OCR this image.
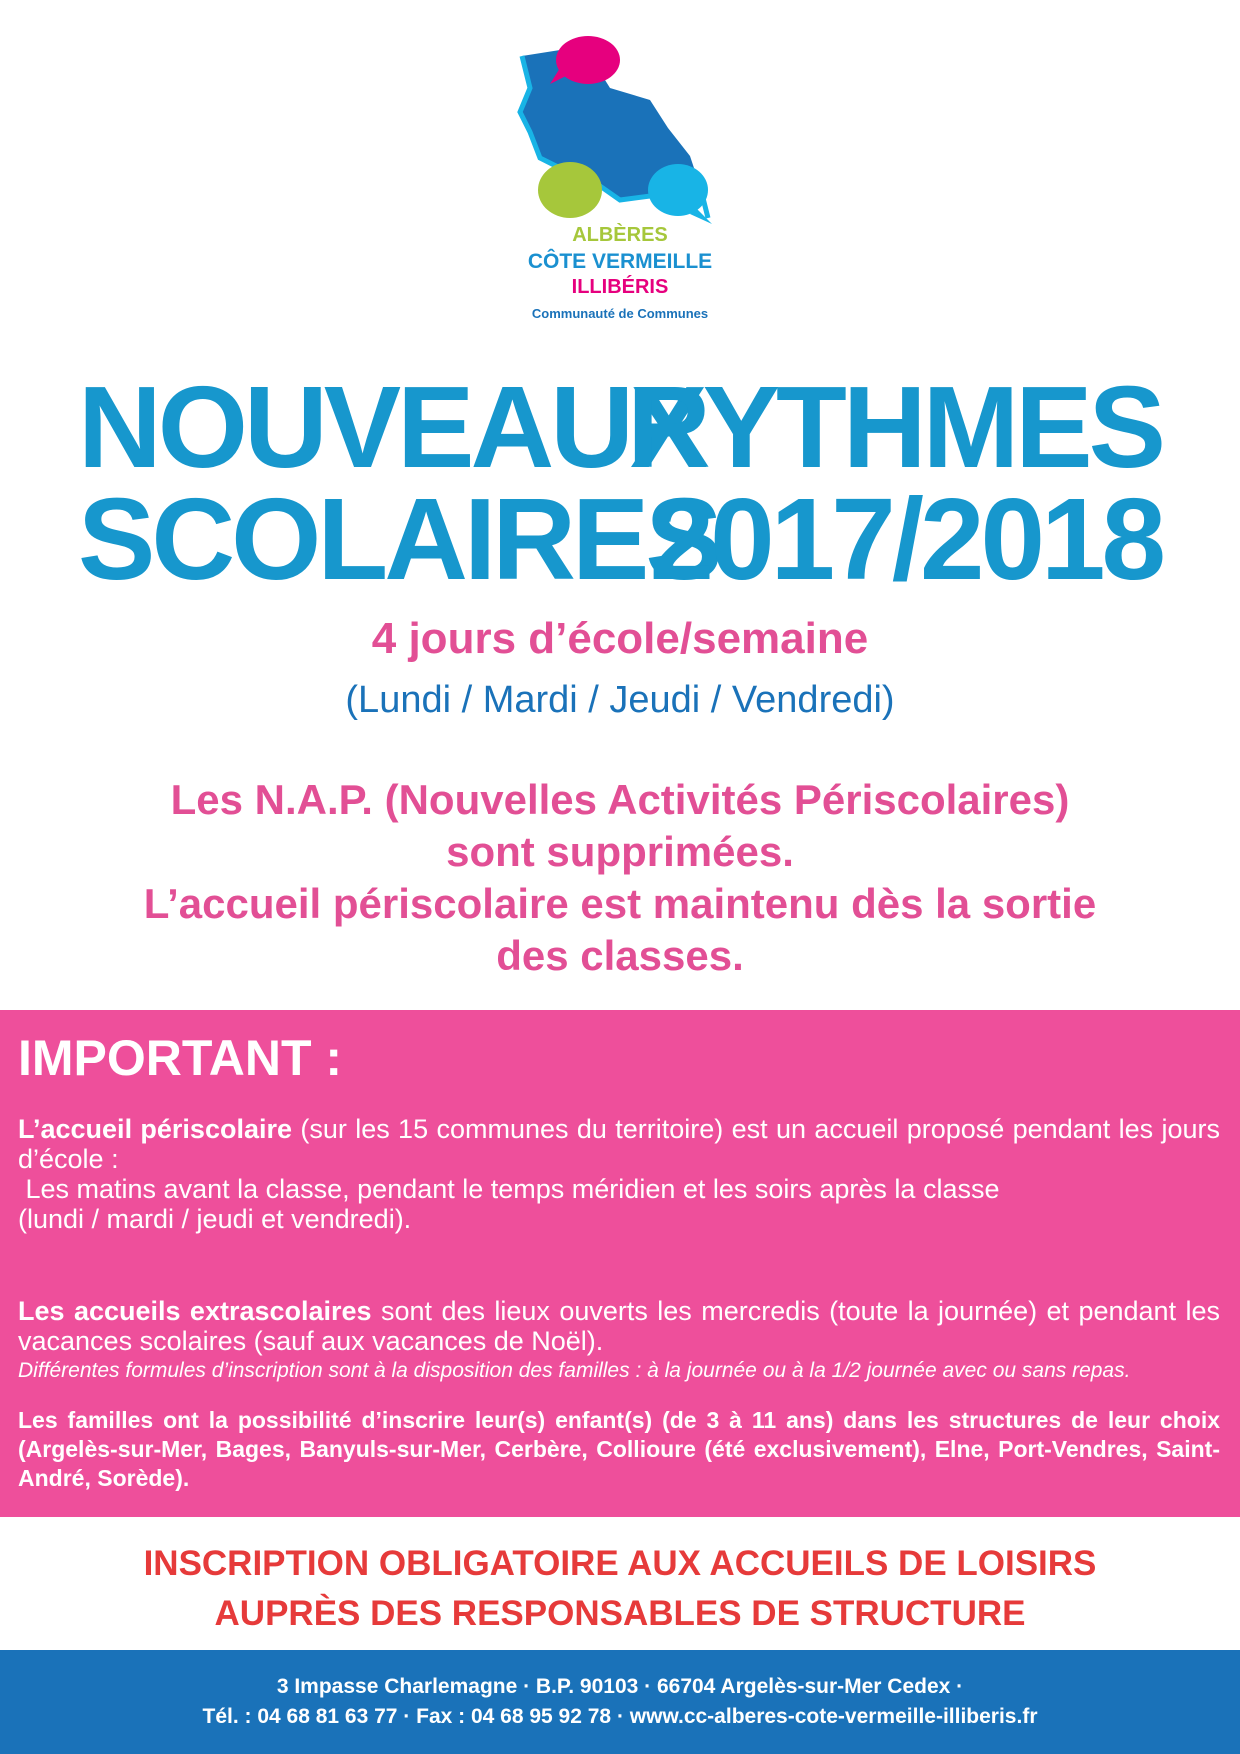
ALBÈRES
CÔTE VERMEILLE
ILLIBÉRIS
Communauté de Communes
NOUVEAUX
RYTHMES
SCOLAIRES
2017/2018
4 jours d’école/semaine
(Lundi / Mardi / Jeudi / Vendredi)
Les N.A.P. (Nouvelles Activités Périscolaires)
sont supprimées.
L’accueil périscolaire est maintenu dès la sortie
des classes.
IMPORTANT :
L’accueil périscolaire (sur les 15 communes du territoire) est un accueil proposé pendant les jours d’école :
Les matins avant la classe, pendant le temps méridien et les soirs après la classe
(lundi / mardi / jeudi et vendredi).
Les accueils extrascolaires sont des lieux ouverts les mercredis (toute la journée) et pendant les vacances scolaires (sauf aux vacances de Noël).
Différentes formules d’inscription sont à la disposition des familles : à la journée ou à la 1/2 journée avec ou sans repas.
Les familles ont la possibilité d’inscrire leur(s) enfant(s) (de 3 à 11 ans) dans les structures de leur choix (Argelès-sur-Mer, Bages, Banyuls-sur-Mer, Cerbère, Collioure (été exclusivement), Elne, Port-Vendres, Saint-André, Sorède).
INSCRIPTION OBLIGATOIRE AUX ACCUEILS DE LOISIRS
AUPRÈS DES RESPONSABLES DE STRUCTURE
3 Impasse Charlemagne · B.P. 90103 · 66704 Argelès-sur-Mer Cedex ·
Tél. : 04 68 81 63 77 · Fax : 04 68 95 92 78 · www.cc-alberes-cote-vermeille-illiberis.fr
